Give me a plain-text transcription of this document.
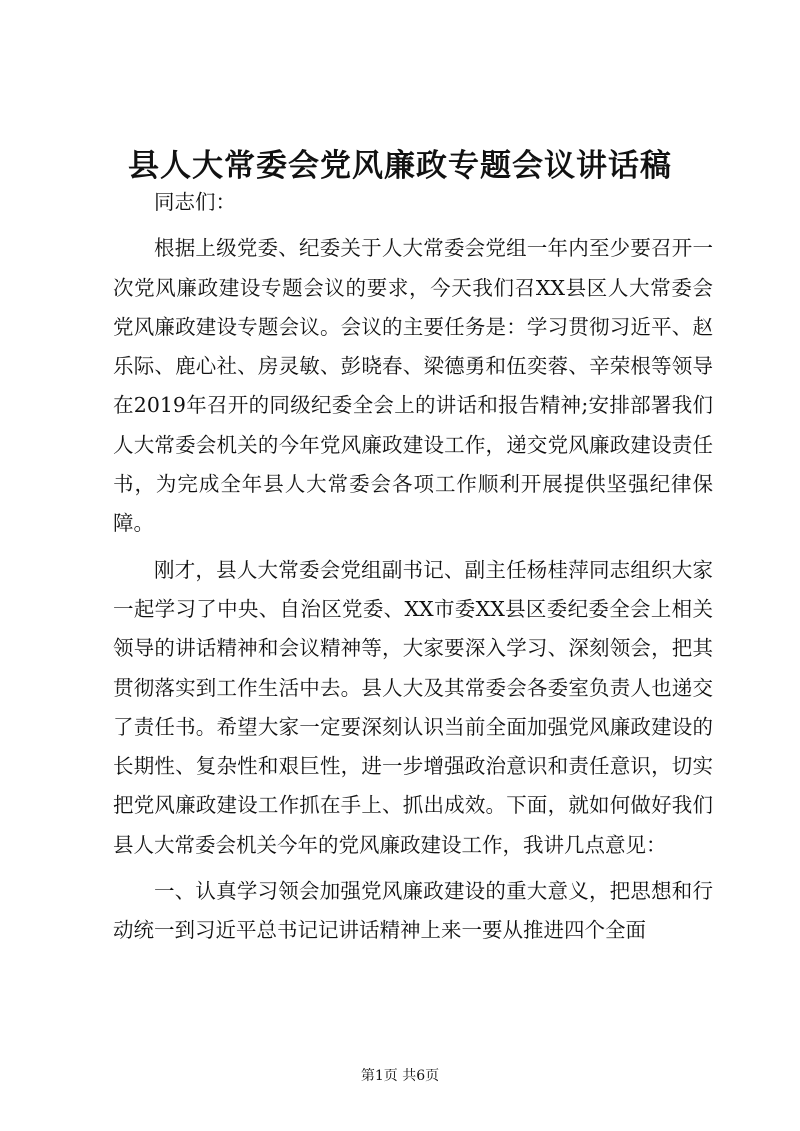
县人大常委会党风廉政专题会议讲话稿

同志们：

根据上级党委、纪委关于人大常委会党组一年内至少要召开一次党风廉政建设专题会议的要求，今天我们召XX县区人大常委会党风廉政建设专题会议。会议的主要任务是：学习贯彻习近平、赵乐际、鹿心社、房灵敏、彭晓春、梁德勇和伍奕蓉、辛荣根等领导在2019年召开的同级纪委全会上的讲话和报告精神;安排部署我们人大常委会机关的今年党风廉政建设工作，递交党风廉政建设责任书，为完成全年县人大常委会各项工作顺利开展提供坚强纪律保障。

刚才，县人大常委会党组副书记、副主任杨桂萍同志组织大家一起学习了中央、自治区党委、XX市委XX县区委纪委全会上相关领导的讲话精神和会议精神等，大家要深入学习、深刻领会，把其贯彻落实到工作生活中去。县人大及其常委会各委室负责人也递交了责任书。希望大家一定要深刻认识当前全面加强党风廉政建设的长期性、复杂性和艰巨性，进一步增强政治意识和责任意识，切实把党风廉政建设工作抓在手上、抓出成效。下面，就如何做好我们县人大常委会机关今年的党风廉政建设工作，我讲几点意见：

一、认真学习领会加强党风廉政建设的重大意义，把思想和行动统一到习近平总书记记讲话精神上来一要从推进四个全面

第1页 共6页
